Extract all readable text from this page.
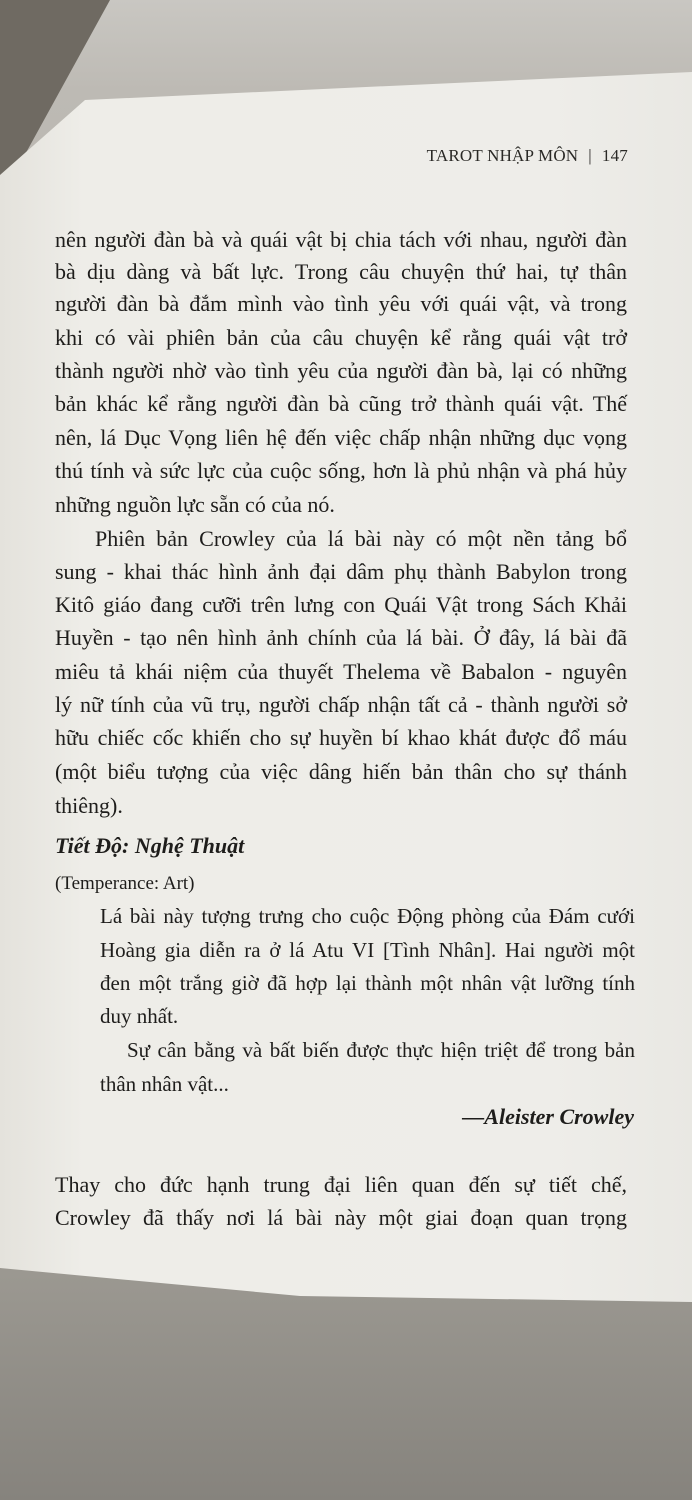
TAROT NHẬP MÔN | 147
nên người đàn bà và quái vật bị chia tách với nhau, người đàn
bà dịu dàng và bất lực. Trong câu chuyện thứ hai, tự thân
người đàn bà đắm mình vào tình yêu với quái vật, và trong
khi có vài phiên bản của câu chuyện kể rằng quái vật trở
thành người nhờ vào tình yêu của người đàn bà, lại có những
bản khác kể rằng người đàn bà cũng trở thành quái vật. Thế
nên, lá Dục Vọng liên hệ đến việc chấp nhận những dục vọng
thú tính và sức lực của cuộc sống, hơn là phủ nhận và phá hủy
những nguồn lực sẵn có của nó.
Phiên bản Crowley của lá bài này có một nền tảng bổ
sung - khai thác hình ảnh đại dâm phụ thành Babylon trong
Kitô giáo đang cưỡi trên lưng con Quái Vật trong Sách Khải
Huyền - tạo nên hình ảnh chính của lá bài. Ở đây, lá bài đã
miêu tả khái niệm của thuyết Thelema về Babalon - nguyên
lý nữ tính của vũ trụ, người chấp nhận tất cả - thành người sở
hữu chiếc cốc khiến cho sự huyền bí khao khát được đổ máu
(một biểu tượng của việc dâng hiến bản thân cho sự thánh
thiêng).
Tiết Độ: Nghệ Thuật
(Temperance: Art)
Lá bài này tượng trưng cho cuộc Động phòng của Đám cưới
Hoàng gia diễn ra ở lá Atu VI [Tình Nhân]. Hai người một
đen một trắng giờ đã hợp lại thành một nhân vật lưỡng tính
duy nhất.
Sự cân bằng và bất biến được thực hiện triệt để trong bản
thân nhân vật...
—Aleister Crowley
Thay cho đức hạnh trung đại liên quan đến sự tiết chế,
Crowley đã thấy nơi lá bài này một giai đoạn quan trọng
